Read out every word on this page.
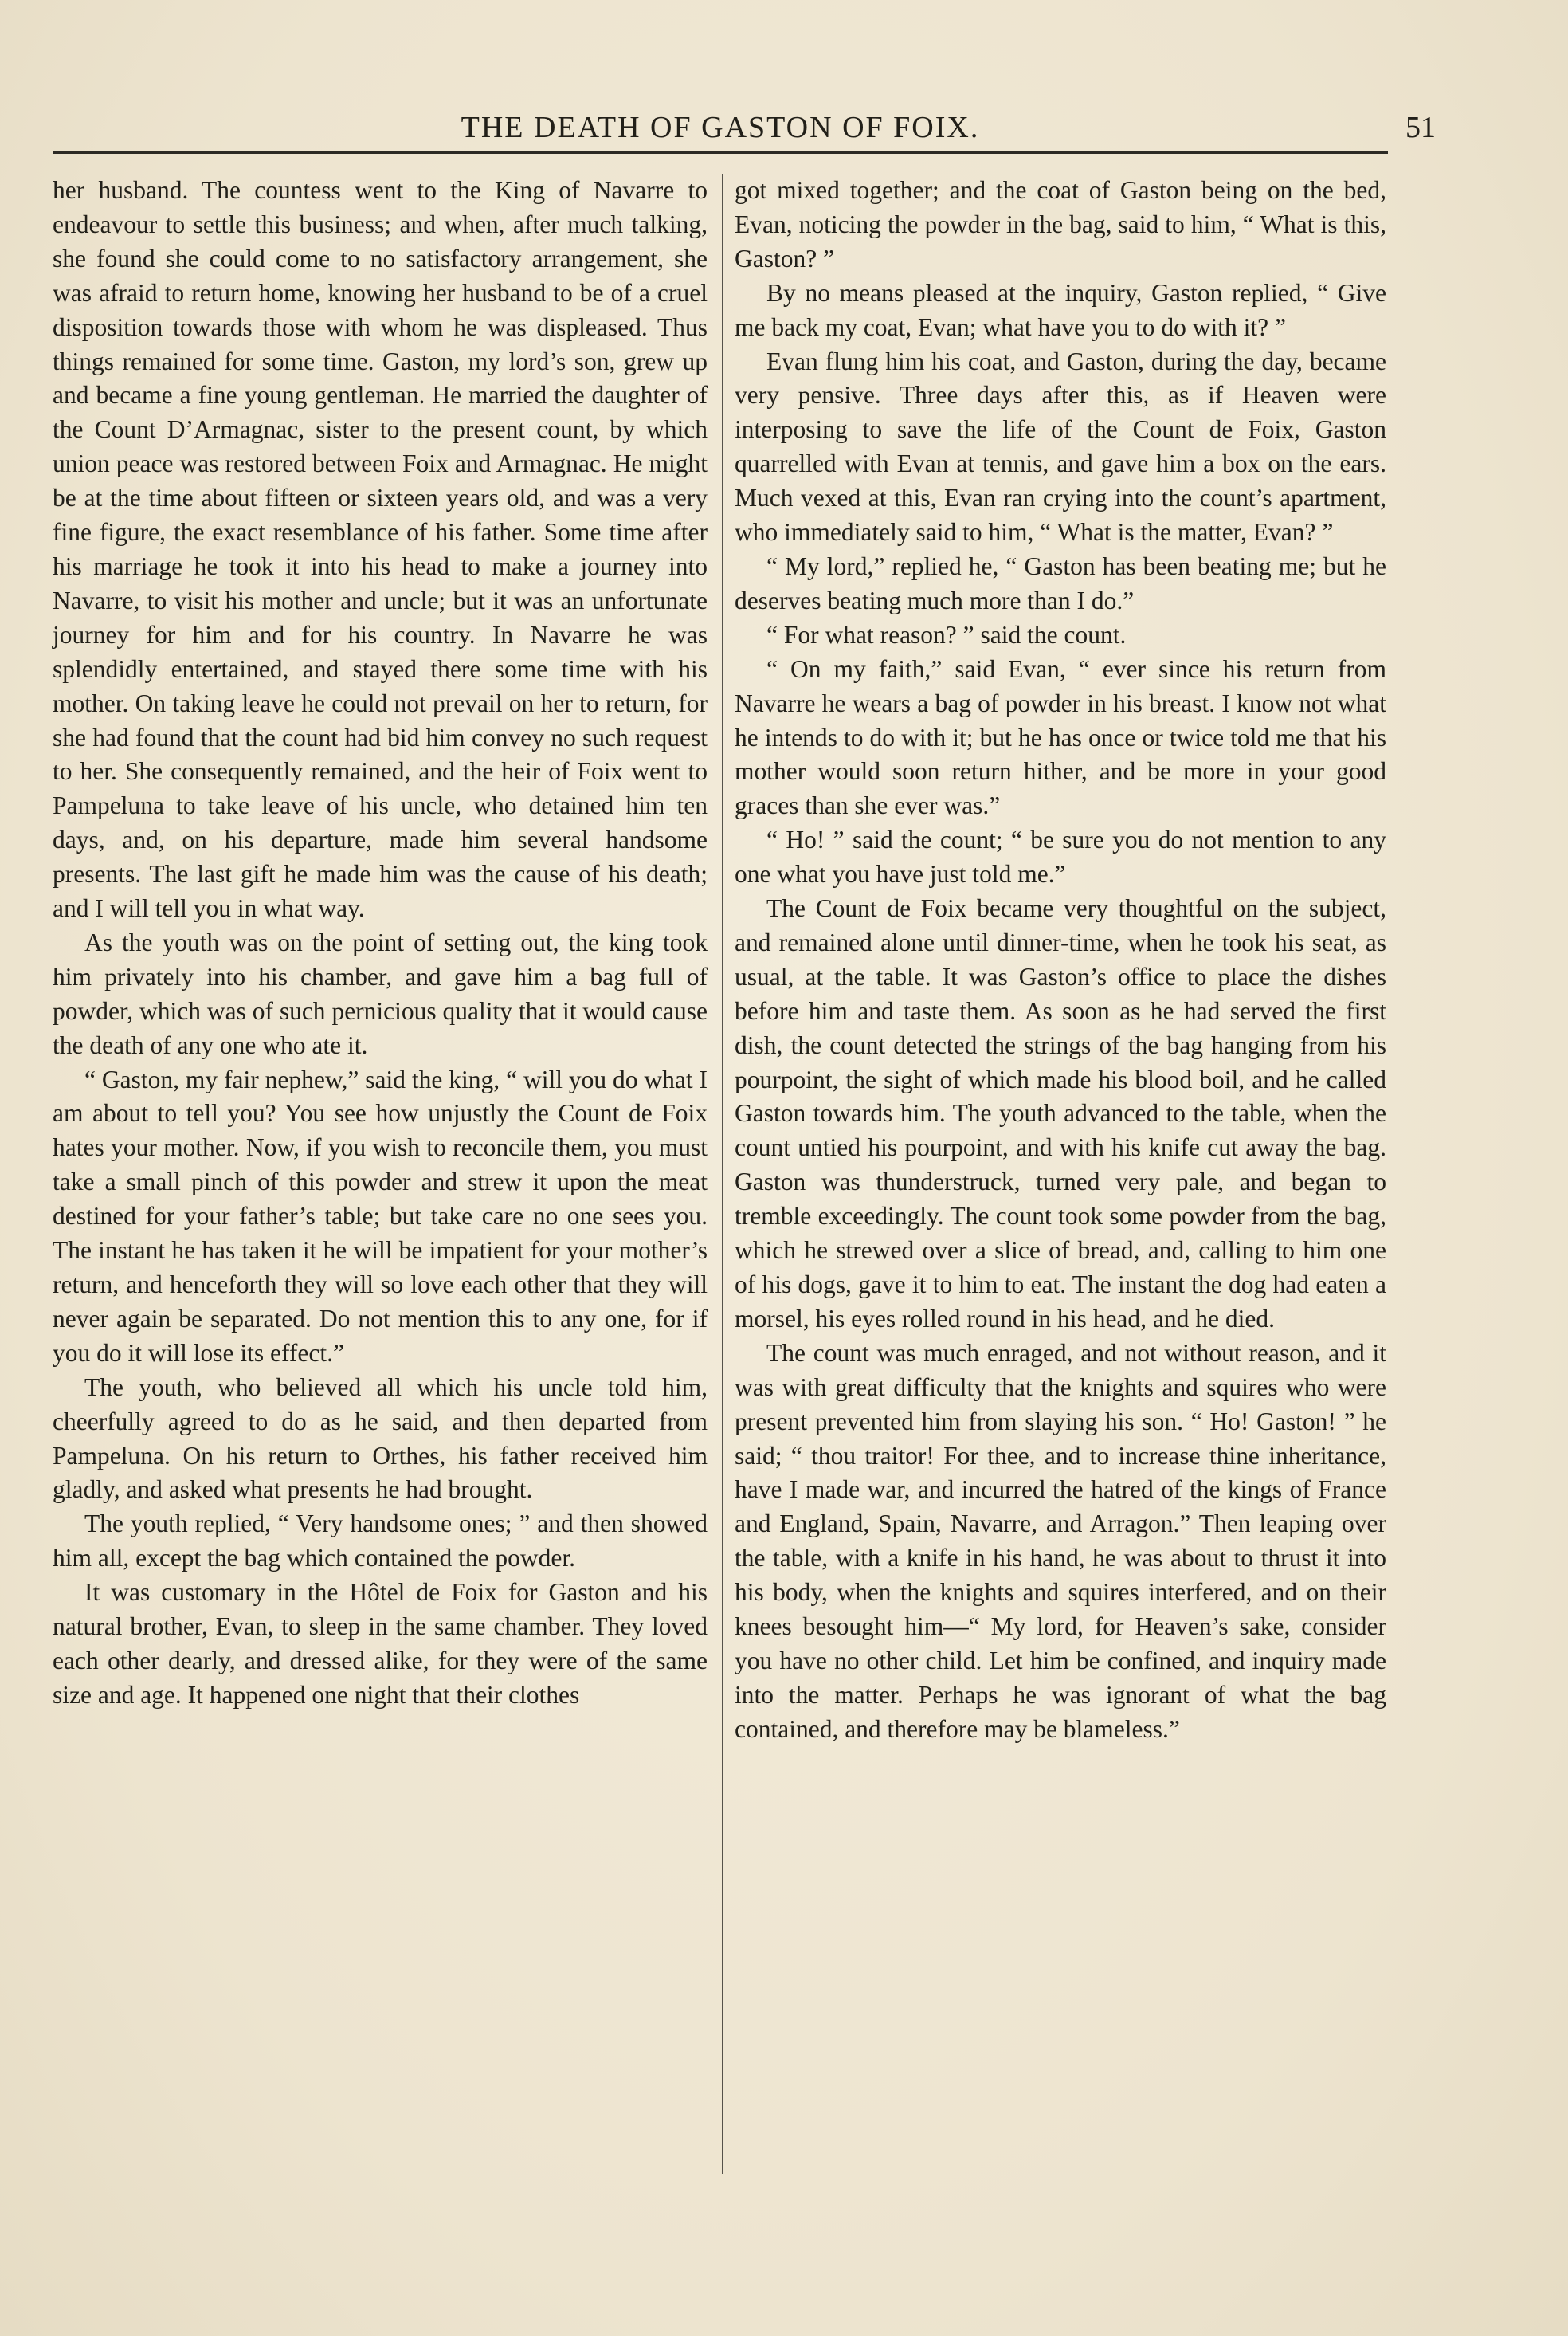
THE DEATH OF GASTON OF FOIX.	51

her husband. The countess went to the King of Navarre to endeavour to settle this business; and when, after much talking, she found she could come to no satisfactory arrangement, she was afraid to return home, knowing her husband to be of a cruel disposition towards those with whom he was displeased. Thus things remained for some time. Gaston, my lord’s son, grew up and became a fine young gentleman. He married the daughter of the Count D’Armagnac, sister to the present count, by which union peace was restored between Foix and Armagnac. He might be at the time about fifteen or sixteen years old, and was a very fine figure, the exact resemblance of his father. Some time after his marriage he took it into his head to make a journey into Navarre, to visit his mother and uncle; but it was an unfortunate journey for him and for his country. In Navarre he was splendidly entertained, and stayed there some time with his mother. On taking leave he could not prevail on her to return, for she had found that the count had bid him convey no such request to her. She consequently remained, and the heir of Foix went to Pampeluna to take leave of his uncle, who detained him ten days, and, on his departure, made him several handsome presents. The last gift he made him was the cause of his death; and I will tell you in what way.

As the youth was on the point of setting out, the king took him privately into his chamber, and gave him a bag full of powder, which was of such pernicious quality that it would cause the death of any one who ate it.

“ Gaston, my fair nephew,” said the king, “ will you do what I am about to tell you? You see how unjustly the Count de Foix hates your mother. Now, if you wish to reconcile them, you must take a small pinch of this powder and strew it upon the meat destined for your father’s table; but take care no one sees you. The instant he has taken it he will be impatient for your mother’s return, and henceforth they will so love each other that they will never again be separated. Do not mention this to any one, for if you do it will lose its effect.”

The youth, who believed all which his uncle told him, cheerfully agreed to do as he said, and then departed from Pampeluna. On his return to Orthes, his father received him gladly, and asked what presents he had brought.

The youth replied, “ Very handsome ones; ” and then showed him all, except the bag which contained the powder.

It was customary in the Hôtel de Foix for Gaston and his natural brother, Evan, to sleep in the same chamber. They loved each other dearly, and dressed alike, for they were of the same size and age. It happened one night that their clothes

got mixed together; and the coat of Gaston being on the bed, Evan, noticing the powder in the bag, said to him, “ What is this, Gaston? ”

By no means pleased at the inquiry, Gaston replied, “ Give me back my coat, Evan; what have you to do with it? ”

Evan flung him his coat, and Gaston, during the day, became very pensive. Three days after this, as if Heaven were interposing to save the life of the Count de Foix, Gaston quarrelled with Evan at tennis, and gave him a box on the ears. Much vexed at this, Evan ran crying into the count’s apartment, who immediately said to him, “ What is the matter, Evan? ”

“ My lord,” replied he, “ Gaston has been beating me; but he deserves beating much more than I do.”

“ For what reason? ” said the count.

“ On my faith,” said Evan, “ ever since his return from Navarre he wears a bag of powder in his breast. I know not what he intends to do with it; but he has once or twice told me that his mother would soon return hither, and be more in your good graces than she ever was.”

“ Ho! ” said the count; “ be sure you do not mention to any one what you have just told me.”

The Count de Foix became very thoughtful on the subject, and remained alone until dinner-time, when he took his seat, as usual, at the table. It was Gaston’s office to place the dishes before him and taste them. As soon as he had served the first dish, the count detected the strings of the bag hanging from his pourpoint, the sight of which made his blood boil, and he called Gaston towards him. The youth advanced to the table, when the count untied his pourpoint, and with his knife cut away the bag. Gaston was thunderstruck, turned very pale, and began to tremble exceedingly. The count took some powder from the bag, which he strewed over a slice of bread, and, calling to him one of his dogs, gave it to him to eat. The instant the dog had eaten a morsel, his eyes rolled round in his head, and he died.

The count was much enraged, and not without reason, and it was with great difficulty that the knights and squires who were present prevented him from slaying his son. “ Ho! Gaston! ” he said; “ thou traitor! For thee, and to increase thine inheritance, have I made war, and incurred the hatred of the kings of France and England, Spain, Navarre, and Arragon.” Then leaping over the table, with a knife in his hand, he was about to thrust it into his body, when the knights and squires interfered, and on their knees besought him—“ My lord, for Heaven’s sake, consider you have no other child. Let him be confined, and inquiry made into the matter. Perhaps he was ignorant of what the bag contained, and therefore may be blameless.”
